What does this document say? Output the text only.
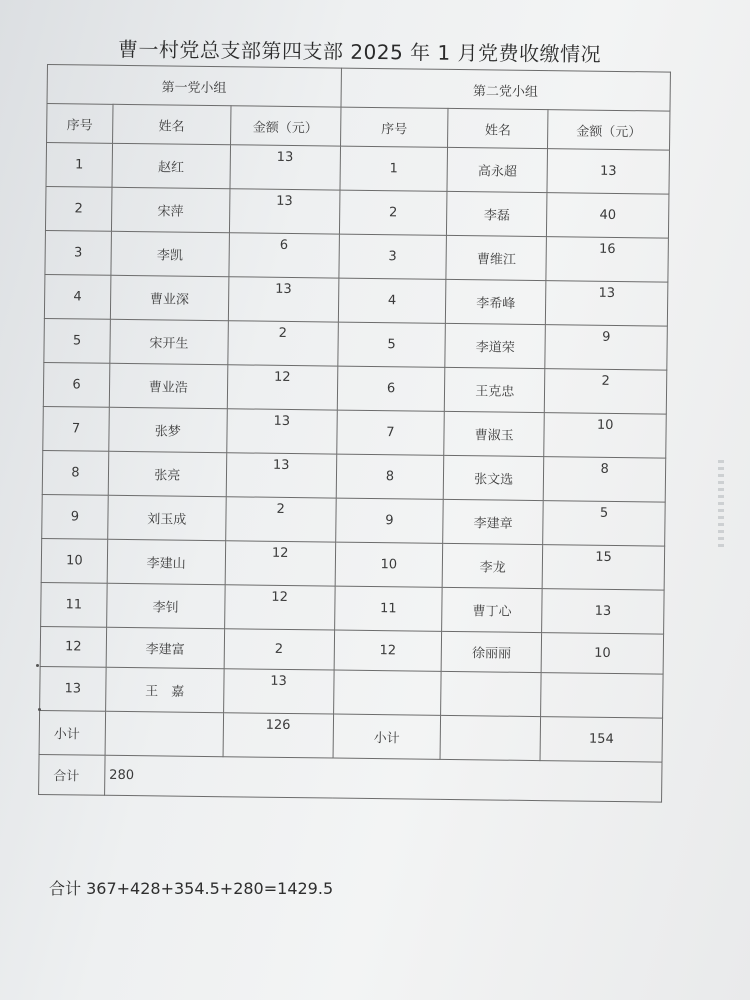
曹一村党总支部第四支部 2025 年 1 月党费收缴情况
第一党小组			第二党小组		
序号	姓名	金额（元）	序号	姓名	金额（元）
1	赵红	13	1	高永超	13
2	宋萍	13	2	李磊	40
3	李凯	6	3	曹维江	16
4	曹业深	13	4	李希峰	13
5	宋开生	2	5	李道荣	9
6	曹业浩	12	6	王克忠	2
7	张梦	13	7	曹淑玉	10
8	张亮	13	8	张文选	8
9	刘玉成	2	9	李建章	5
10	李建山	12	10	李龙	15
11	李钊	12	11	曹丁心	13
12	李建富	2	12	徐丽丽	10
13	王　嘉	13			
小计		126	小计		154
合计	280				
合计 367+428+354.5+280=1429.5
